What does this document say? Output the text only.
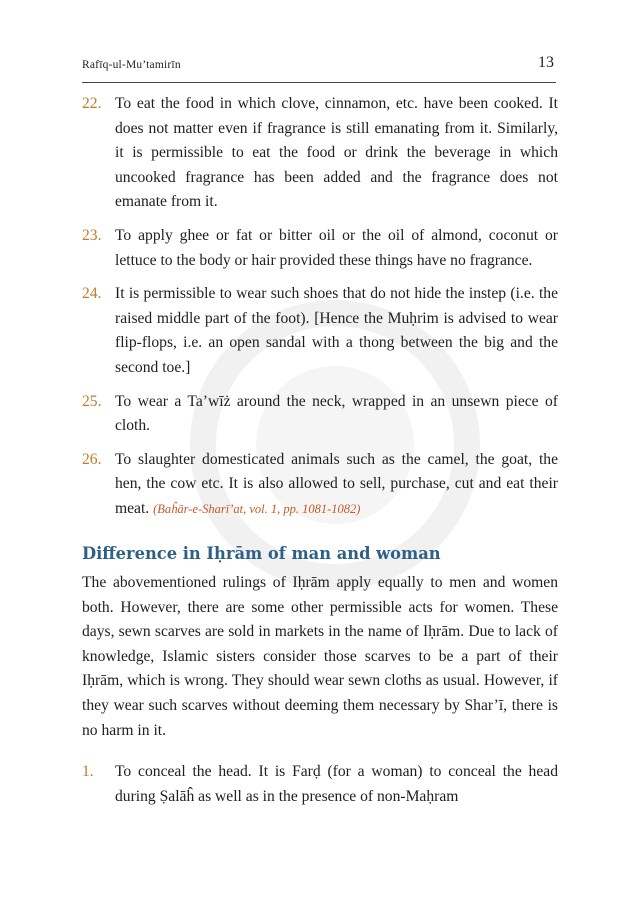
Rafīq-ul-Mu’tamirīn	13
22. To eat the food in which clove, cinnamon, etc. have been cooked. It does not matter even if fragrance is still emanating from it. Similarly, it is permissible to eat the food or drink the beverage in which uncooked fragrance has been added and the fragrance does not emanate from it.
23. To apply ghee or fat or bitter oil or the oil of almond, coconut or lettuce to the body or hair provided these things have no fragrance.
24. It is permissible to wear such shoes that do not hide the instep (i.e. the raised middle part of the foot). [Hence the Muḥrim is advised to wear flip-flops, i.e. an open sandal with a thong between the big and the second toe.]
25. To wear a Ta’wīż around the neck, wrapped in an unsewn piece of cloth.
26. To slaughter domesticated animals such as the camel, the goat, the hen, the cow etc. It is also allowed to sell, purchase, cut and eat their meat. (Baĥār-e-Sharī’at, vol. 1, pp. 1081-1082)
Difference in Iḥrām of man and woman

The abovementioned rulings of Iḥrām apply equally to men and women both. However, there are some other permissible acts for women. These days, sewn scarves are sold in markets in the name of Iḥrām. Due to lack of knowledge, Islamic sisters consider those scarves to be a part of their Iḥrām, which is wrong. They should wear sewn cloths as usual. However, if they wear such scarves without deeming them necessary by Shar’ī, there is no harm in it.

1. To conceal the head. It is Farḍ (for a woman) to conceal the head during Ṣalāĥ as well as in the presence of non-Maḥram
